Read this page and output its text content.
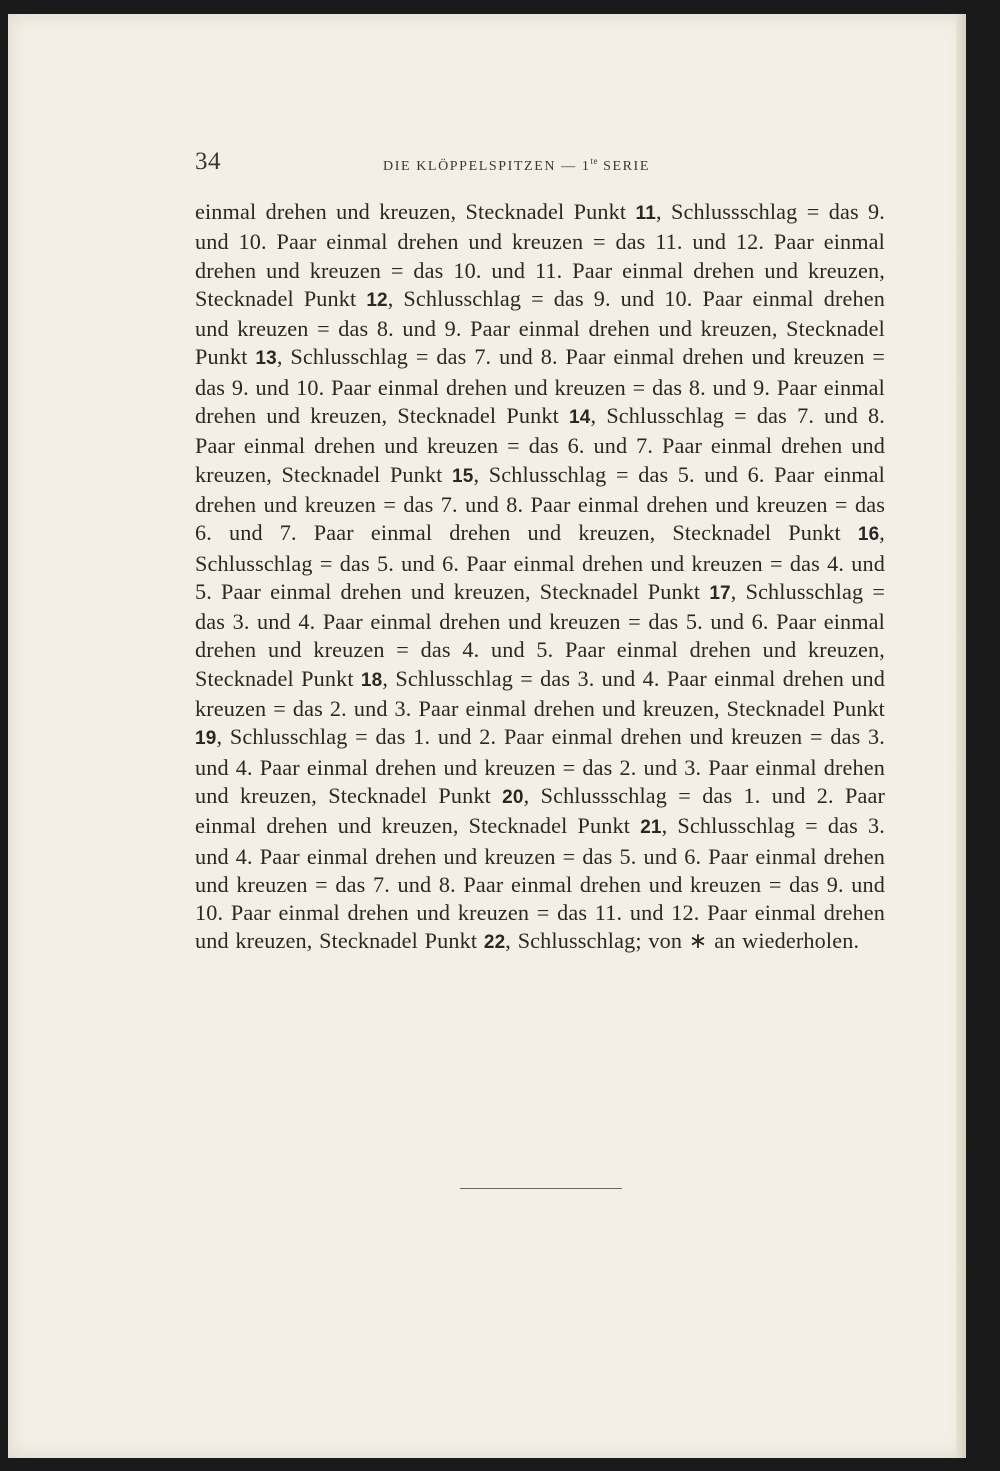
34	DIE KLÖPPELSPITZEN — $1^{te}$ SERIE
einmal drehen und kreuzen, Stecknadel Punkt 11, Schlussschlag = das 9. und 10. Paar einmal drehen und kreuzen = das 11. und 12. Paar einmal drehen und kreuzen = das 10. und 11. Paar einmal drehen und kreuzen, Stecknadel Punkt 12, Schlusschlag = das 9. und 10. Paar einmal drehen und kreuzen = das 8. und 9. Paar einmal drehen und kreuzen, Stecknadel Punkt 13, Schlusschlag = das 7. und 8. Paar einmal drehen und kreuzen = das 9. und 10. Paar einmal drehen und kreuzen = das 8. und 9. Paar einmal drehen und kreuzen, Stecknadel Punkt 14, Schlusschlag = das 7. und 8. Paar einmal drehen und kreuzen = das 6. und 7. Paar einmal drehen und kreuzen, Stecknadel Punkt 15, Schlusschlag = das 5. und 6. Paar einmal drehen und kreuzen = das 7. und 8. Paar einmal drehen und kreuzen = das 6. und 7. Paar einmal drehen und kreuzen, Stecknadel Punkt 16, Schlusschlag = das 5. und 6. Paar einmal drehen und kreuzen = das 4. und 5. Paar einmal drehen und kreuzen, Stecknadel Punkt 17, Schlusschlag = das 3. und 4. Paar einmal drehen und kreuzen = das 5. und 6. Paar einmal drehen und kreuzen = das 4. und 5. Paar einmal drehen und kreuzen, Stecknadel Punkt 18, Schlusschlag = das 3. und 4. Paar einmal drehen und kreuzen = das 2. und 3. Paar einmal drehen und kreuzen, Stecknadel Punkt 19, Schlusschlag = das 1. und 2. Paar einmal drehen und kreuzen = das 3. und 4. Paar einmal drehen und kreuzen = das 2. und 3. Paar einmal drehen und kreuzen, Stecknadel Punkt 20, Schlussschlag = das 1. und 2. Paar einmal drehen und kreuzen, Stecknadel Punkt 21, Schlusschlag = das 3. und 4. Paar einmal drehen und kreuzen = das 5. und 6. Paar einmal drehen und kreuzen = das 7. und 8. Paar einmal drehen und kreuzen = das 9. und 10. Paar einmal drehen und kreuzen = das 11. und 12. Paar einmal drehen und kreuzen, Stecknadel Punkt 22, Schlusschlag; von ∗ an wiederholen.
